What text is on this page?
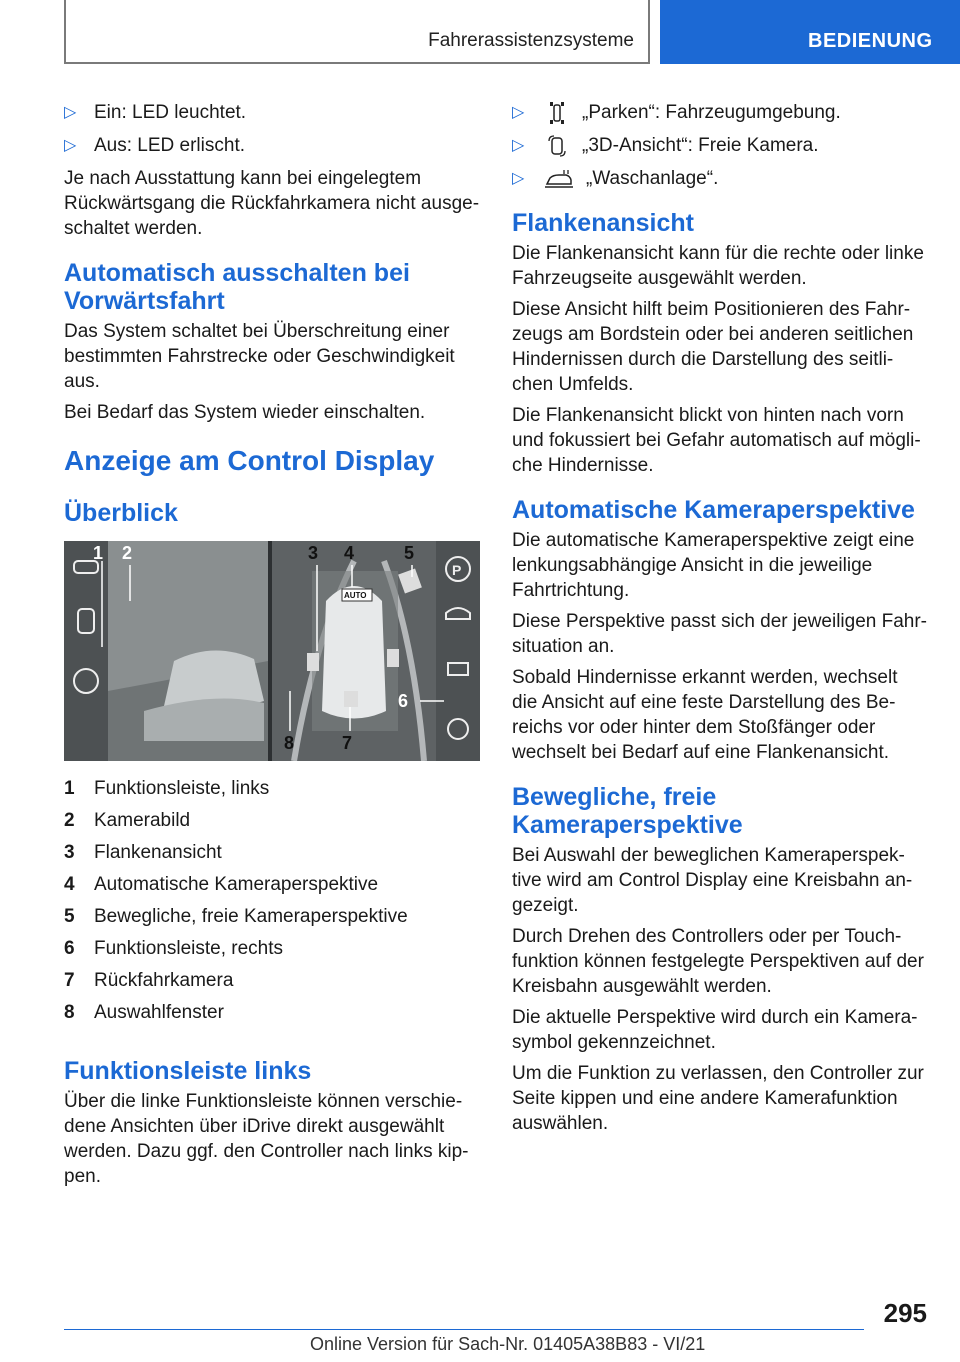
Fahrerassistenzsysteme	BEDIENUNG
▷ Ein: LED leuchtet.
▷ Aus: LED erlischt.

Je nach Ausstattung kann bei eingelegtem Rückwärtsgang die Rückfahrkamera nicht ausge‐ schaltet werden.

Automatisch ausschalten bei Vorwärtsfahrt

Das System schaltet bei Überschreitung einer bestimmten Fahrstrecke oder Geschwindigkeit aus.

Bei Bedarf das System wieder einschalten.

Anzeige am Control Display
Überblick
1 2	3 4	5
6
7
8
AUTO
P
1	Funktionsleiste, links
2	Kamerabild
3	Flankenansicht
4	Automatische Kameraperspektive
5	Bewegliche, freie Kameraperspektive
6	Funktionsleiste, rechts
7	Rückfahrkamera
8	Auswahlfenster
Funktionsleiste links

Über die linke Funktionsleiste können verschie‐ dene Ansichten über iDrive direkt ausgewählt werden. Dazu ggf. den Controller nach links kip‐ pen.

▷	„Parken“: Fahrzeugumgebung.
▷	„3D-Ansicht“: Freie Kamera.
▷	„Waschanlage“.
Flankenansicht

Die Flankenansicht kann für die rechte oder linke Fahrzeugseite ausgewählt werden.

Diese Ansicht hilft beim Positionieren des Fahr‐ zeugs am Bordstein oder bei anderen seitlichen Hindernissen durch die Darstellung des seitli‐ chen Umfelds.

Die Flankenansicht blickt von hinten nach vorn und fokussiert bei Gefahr automatisch auf mögli‐ che Hindernisse.

Automatische Kameraperspektive

Die automatische Kameraperspektive zeigt eine lenkungsabhängige Ansicht in die jeweilige Fahrtrichtung.

Diese Perspektive passt sich der jeweiligen Fahr‐ situation an.

Sobald Hindernisse erkannt werden, wechselt die Ansicht auf eine feste Darstellung des Be‐ reichs vor oder hinter dem Stoßfänger oder wechselt bei Bedarf auf eine Flankenansicht.

Bewegliche, freie Kameraperspektive

Bei Auswahl der beweglichen Kameraperspek‐ tive wird am Control Display eine Kreisbahn an‐ gezeigt.

Durch Drehen des Controllers oder per Touch‐ funktion können festgelegte Perspektiven auf der Kreisbahn ausgewählt werden.

Die aktuelle Perspektive wird durch ein Kamera‐ symbol gekennzeichnet.

Um die Funktion zu verlassen, den Controller zur Seite kippen und eine andere Kamerafunktion auswählen.

295
Online Version für Sach-Nr. 01405A38B83 - VI/21
